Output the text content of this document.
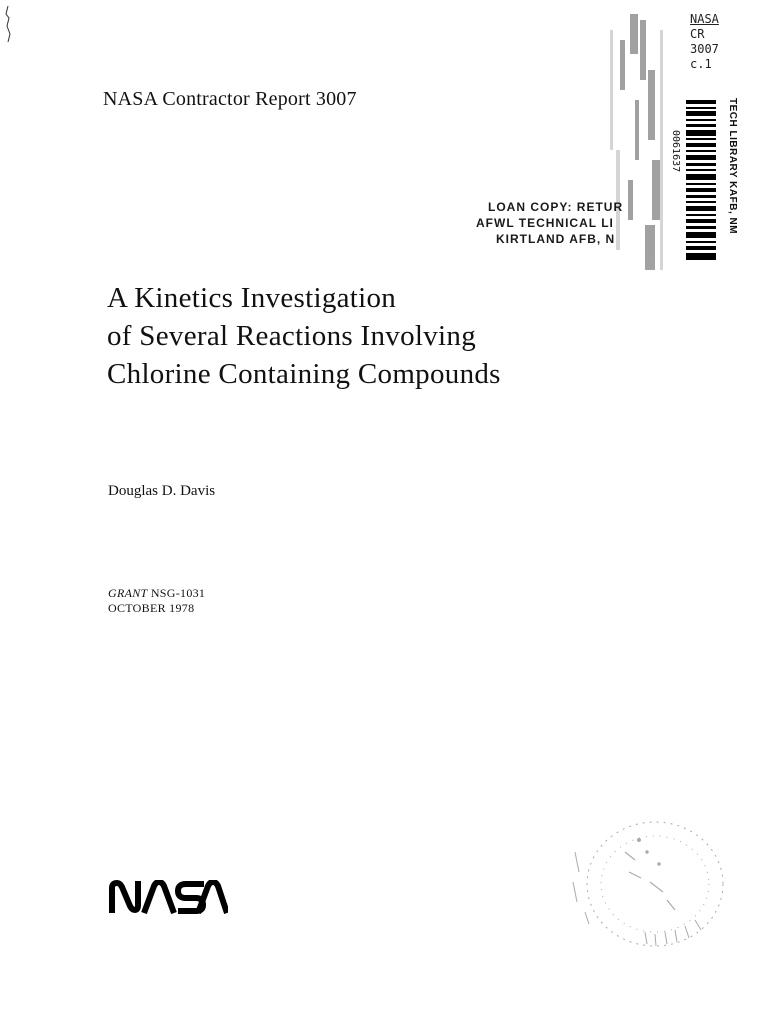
NASA Contractor Report 3007
NASA
CR
3007
c.1
0061637	TECH LIBRARY KAFB, NM
LOAN COPY: RETUR
AFWL TECHNICAL LI
KIRTLAND AFB, N
A Kinetics Investigation
of Several Reactions Involving
Chlorine Containing Compounds
Douglas D. Davis
GRANT NSG-1031
OCTOBER 1978
